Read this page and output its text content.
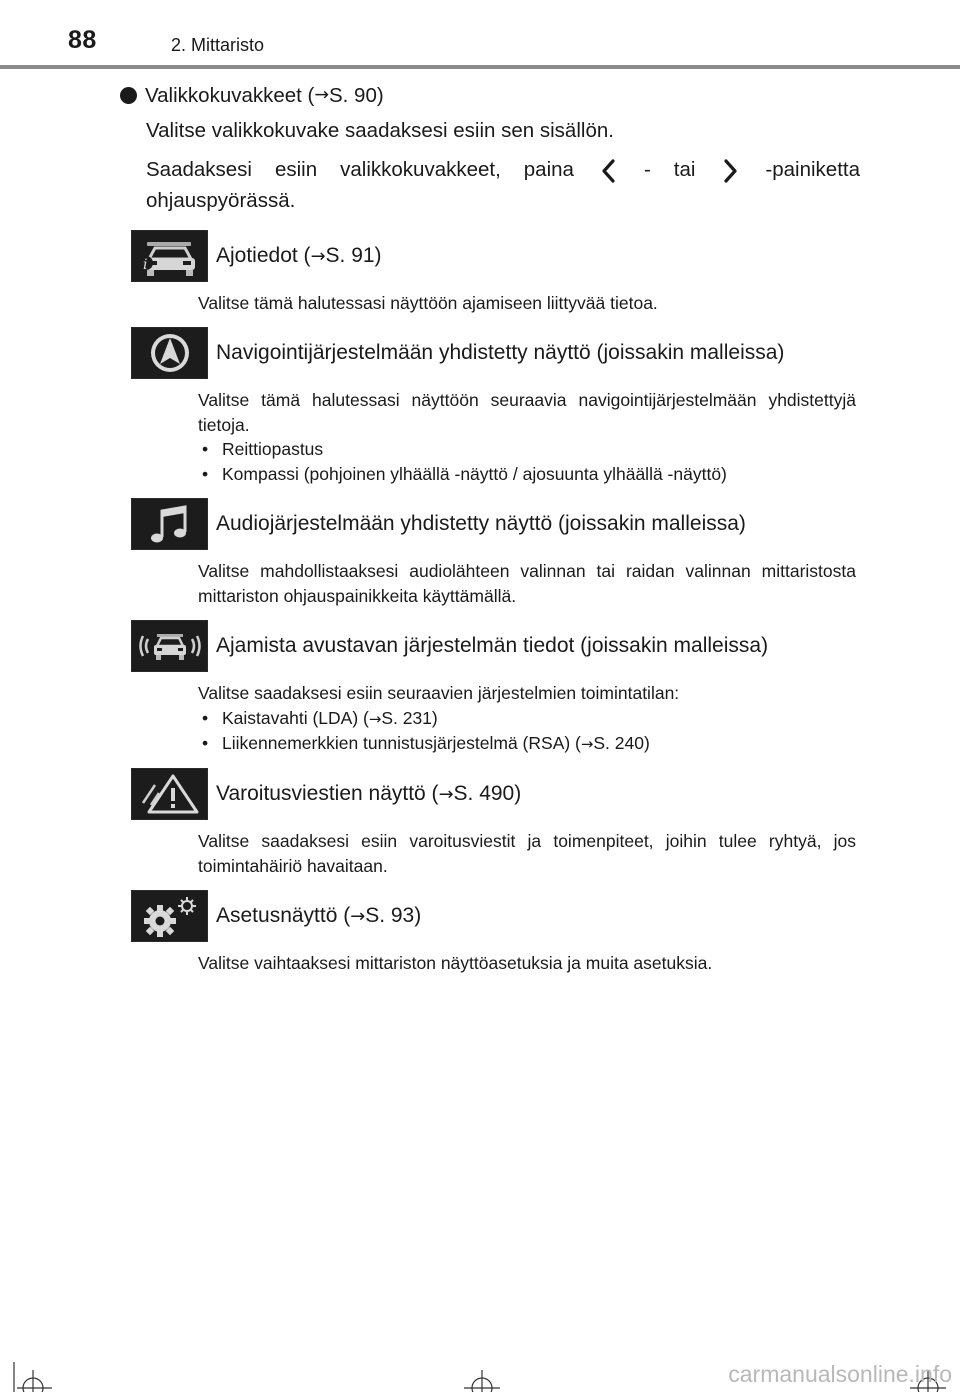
88	2. Mittaristo
Valikkokuvakkeet ( → S. 90)
Valitse valikkokuvake saadaksesi esiin sen sisällön.
Saadaksesi esiin valikkokuvakkeet, paina	- tai	-painiketta
ohjauspyörässä.
i	Ajotiedot (→S. 91)
Valitse tämä halutessasi näyttöön ajamiseen liittyvää tietoa.
Navigointijärjestelmään yhdistetty näyttö (joissakin malleissa)
Valitse tämä halutessasi näyttöön seuraavia navigointijärjestelmään yhdistettyjä tietoja.
• Reittiopastus
• Kompassi (pohjoinen ylhäällä -näyttö / ajosuunta ylhäällä -näyttö)
Audiojärjestelmään yhdistetty näyttö (joissakin malleissa)
Valitse mahdollistaaksesi audiolähteen valinnan tai raidan valinnan mittaristosta mittariston ohjauspainikkeita käyttämällä.
Ajamista avustavan järjestelmän tiedot (joissakin malleissa)
Valitse saadaksesi esiin seuraavien järjestelmien toimintatilan:
• Kaistavahti (LDA) (→S. 231)
• Liikennemerkkien tunnistusjärjestelmä (RSA) (→S. 240)
Varoitusviestien näyttö (→S. 490)
Valitse saadaksesi esiin varoitusviestit ja toimenpiteet, joihin tulee ryhtyä, jos toimintahäiriö havaitaan.
Asetusnäyttö (→S. 93)
Valitse vaihtaaksesi mittariston näyttöasetuksia ja muita asetuksia.
carmanualsonline.info
